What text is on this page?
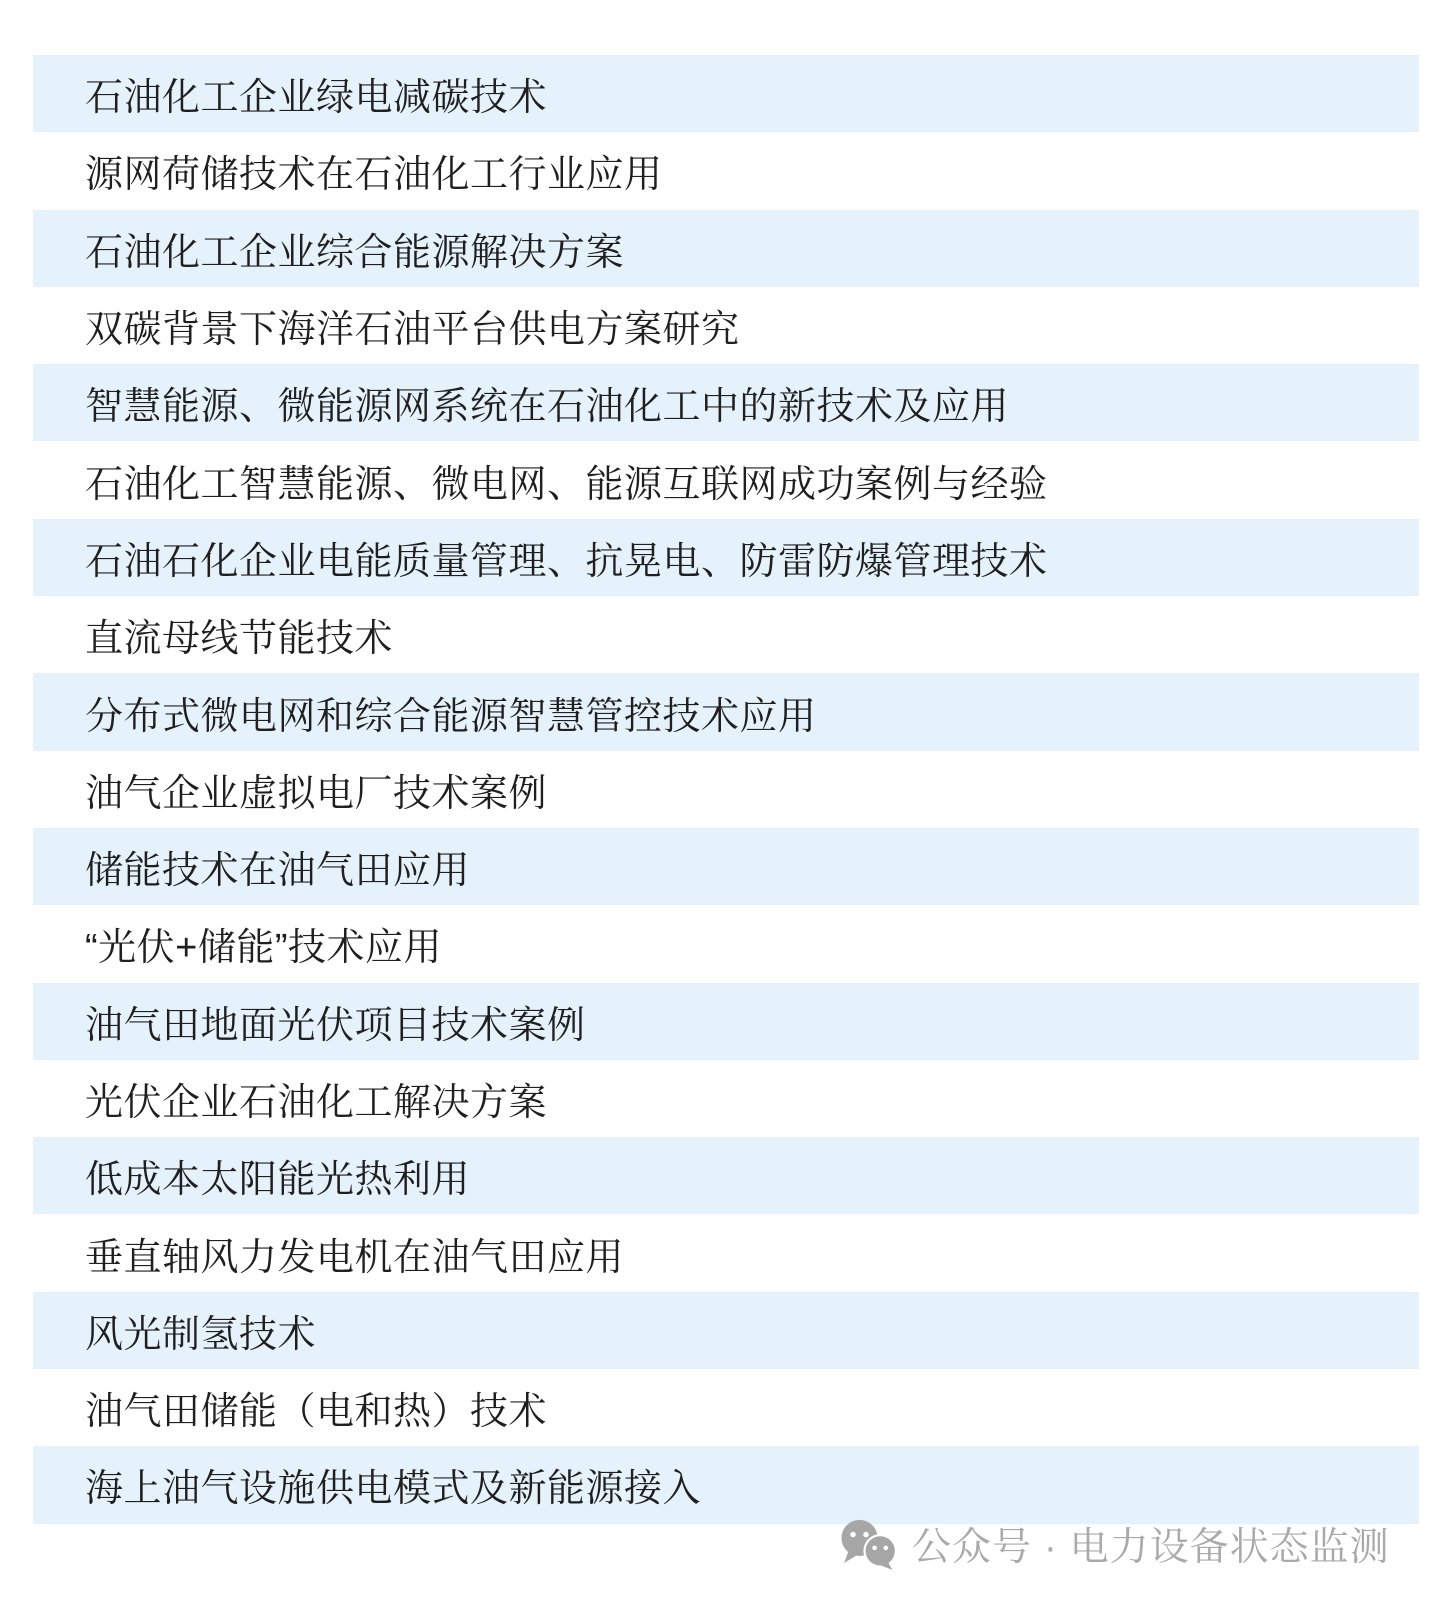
石油化工企业绿电减碳技术
源网荷储技术在石油化工行业应用
石油化工企业综合能源解决方案
双碳背景下海洋石油平台供电方案研究
智慧能源、微能源网系统在石油化工中的新技术及应用
石油化工智慧能源、微电网、能源互联网成功案例与经验
石油石化企业电能质量管理、抗晃电、防雷防爆管理技术
直流母线节能技术
分布式微电网和综合能源智慧管控技术应用
油气企业虚拟电厂技术案例
储能技术在油气田应用
“光伏+储能”技术应用
油气田地面光伏项目技术案例
光伏企业石油化工解决方案
低成本太阳能光热利用
垂直轴风力发电机在油气田应用
风光制氢技术
油气田储能（电和热）技术
海上油气设施供电模式及新能源接入
公众号 · 电力设备状态监测
